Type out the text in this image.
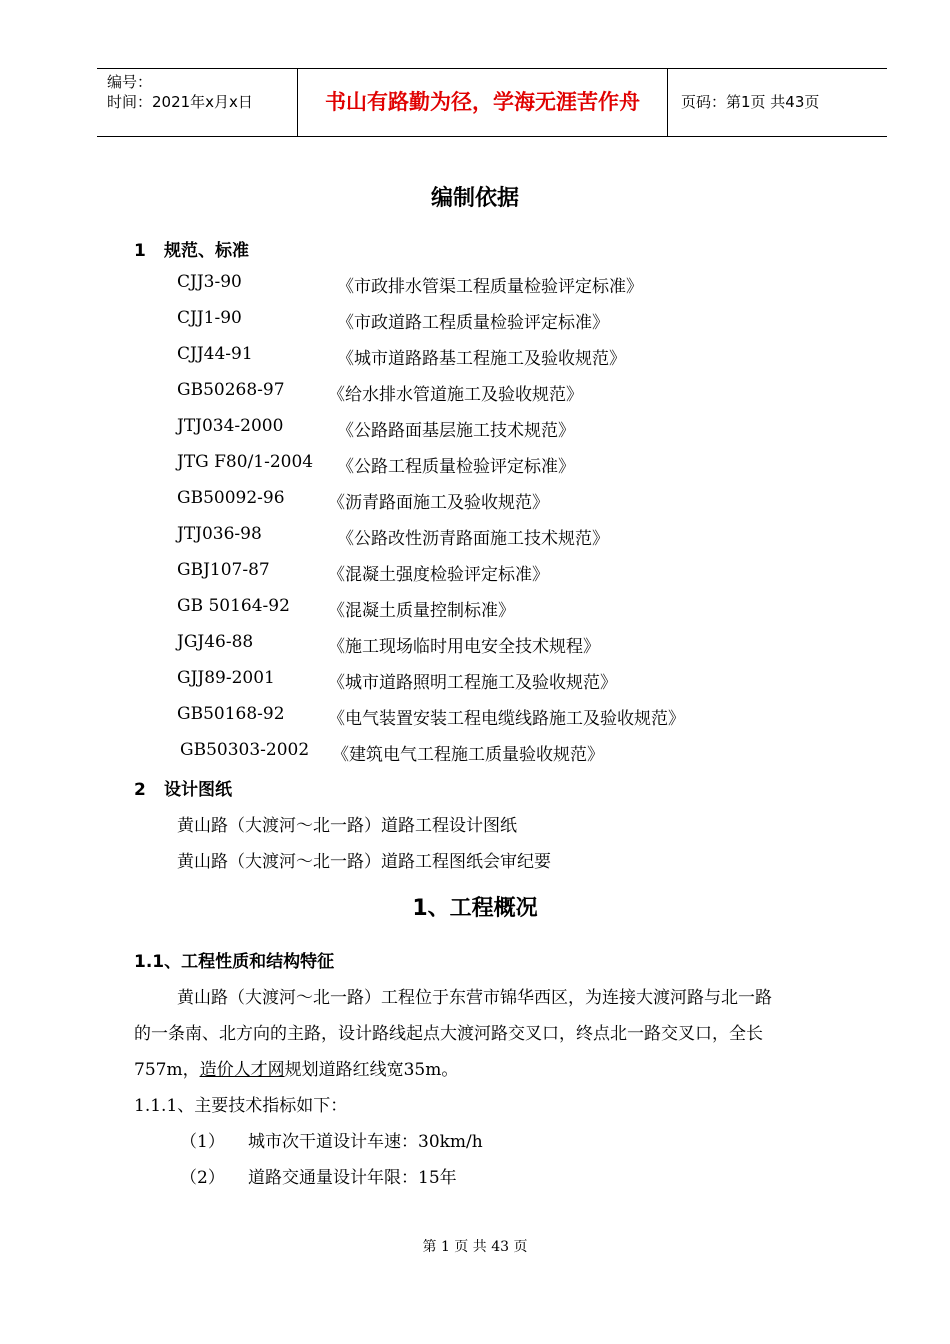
编号：
时间：2021年x月x日	书山有路勤为径，学海无涯苦作舟	页码：第1页 共43页
编制依据
1 规范、标准
CJJ3-90	《市政排水管渠工程质量检验评定标准》
CJJ1-90	《市政道路工程质量检验评定标准》
CJJ44-91	《城市道路路基工程施工及验收规范》
GB50268-97	《给水排水管道施工及验收规范》
JTJ034-2000	《公路路面基层施工技术规范》
JTG F80/1-2004 《公路工程质量检验评定标准》
GB50092-96	《沥青路面施工及验收规范》
JTJ036-98	《公路改性沥青路面施工技术规范》
GBJ107-87	《混凝土强度检验评定标准》
GB 50164-92 《混凝土质量控制标准》
JGJ46-88	《施工现场临时用电安全技术规程》
GJJ89-2001	《城市道路照明工程施工及验收规范》
GB50168-92	《电气装置安装工程电缆线路施工及验收规范》
GB50303-2002 《建筑电气工程施工质量验收规范》
2 设计图纸
黄山路（大渡河～北一路）道路工程设计图纸
黄山路（大渡河～北一路）道路工程图纸会审纪要
1、工程概况
1.1、工程性质和结构特征
黄山路（大渡河～北一路）工程位于东营市锦华西区，为连接大渡河路与北一路
的一条南、北方向的主路，设计路线起点大渡河路交叉口，终点北一路交叉口，全长
757m，造价人才网规划道路红线宽35m。
1.1.1、主要技术指标如下：
（1） 城市次干道设计车速：30km/h
（2） 道路交通量设计年限：15年
第 1 页 共 43 页
